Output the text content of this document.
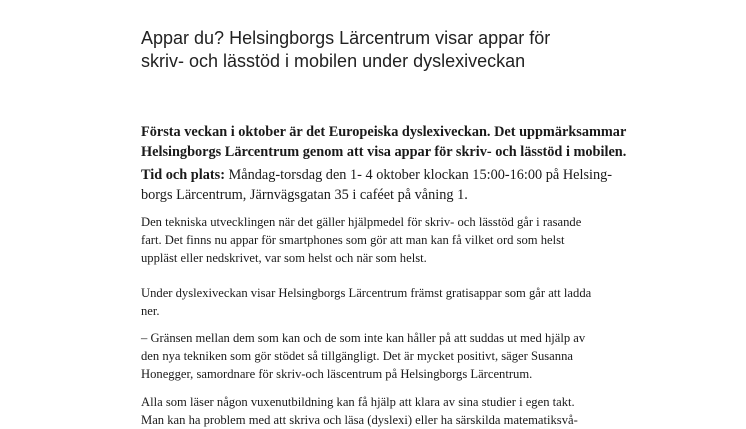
Appar du? Helsingborgs Lärcentrum visar appar för
skriv- och lässtöd i mobilen under dyslexiveckan

Första veckan i oktober är det Europeiska dyslexiveckan. Det uppmärksammar
Helsingborgs Lärcentrum genom att visa appar för skriv- och lässtöd i mobilen.

Tid och plats: Måndag-torsdag den 1- 4 oktober klockan 15:00-16:00 på Helsing-
borgs Lärcentrum, Järnvägsgatan 35 i caféet på våning 1.

Den tekniska utvecklingen när det gäller hjälpmedel för skriv- och lässtöd går i rasande
fart. Det finns nu appar för smartphones som gör att man kan få vilket ord som helst
uppläst eller nedskrivet, var som helst och när som helst.

Under dyslexiveckan visar Helsingborgs Lärcentrum främst gratisappar som går att ladda
ner.

– Gränsen mellan dem som kan och de som inte kan håller på att suddas ut med hjälp av
den nya tekniken som gör stödet så tillgängligt. Det är mycket positivt, säger Susanna
Honegger, samordnare för skriv-och läscentrum på Helsingborgs Lärcentrum.

Alla som läser någon vuxenutbildning kan få hjälp att klara av sina studier i egen takt.
Man kan ha problem med att skriva och läsa (dyslexi) eller ha särskilda matematiksvå-
